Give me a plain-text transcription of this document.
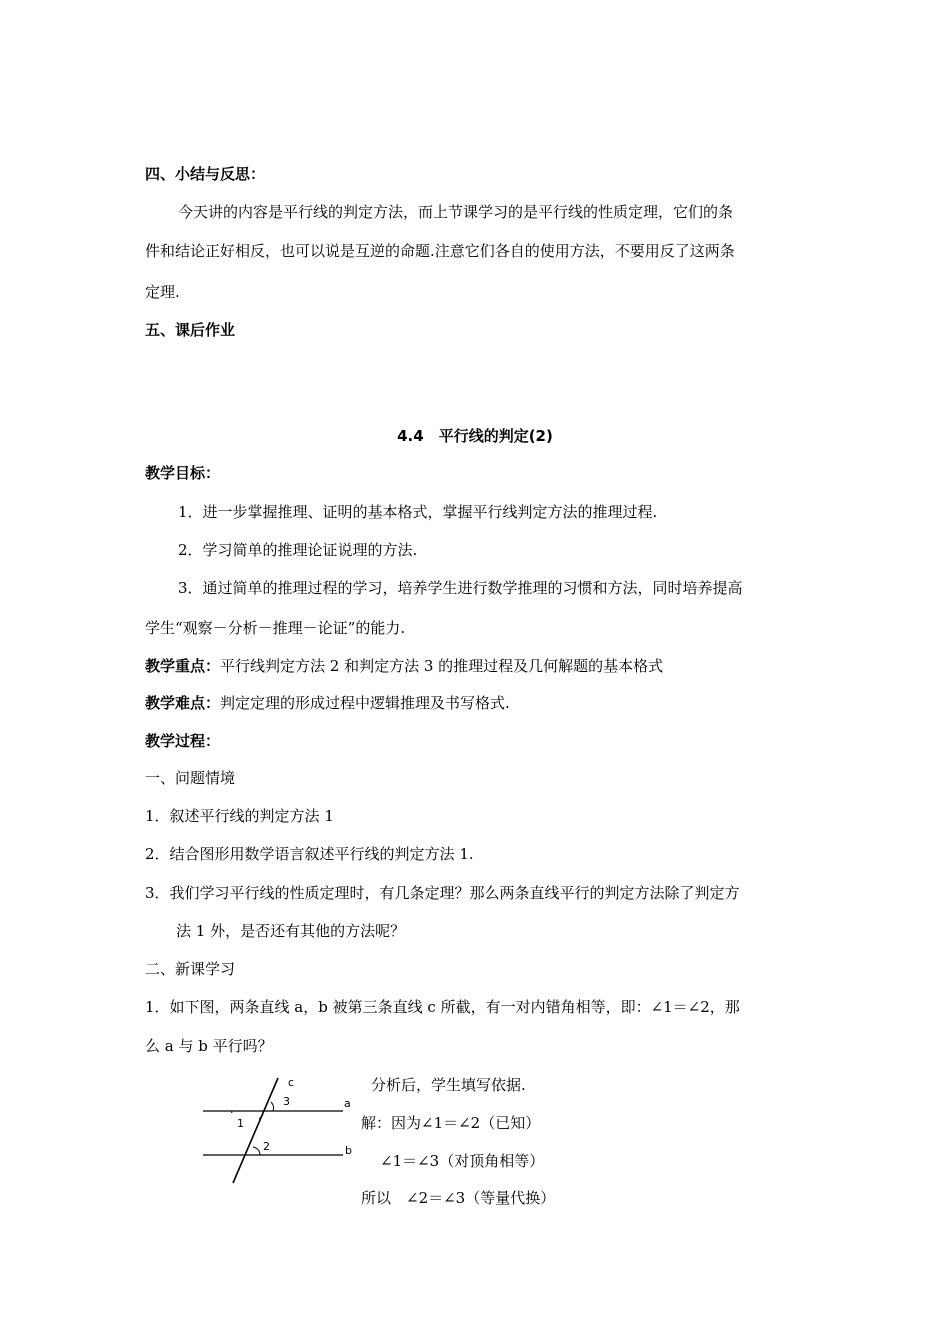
四、小结与反思：
今天讲的内容是平行线的判定方法，而上节课学习的是平行线的性质定理，它们的条
件和结论正好相反，也可以说是互逆的命题.注意它们各自的使用方法，不要用反了这两条
定理.
五、课后作业
4.4　平行线的判定(2)
教学目标：
1．进一步掌握推理、证明的基本格式，掌握平行线判定方法的推理过程.
2．学习简单的推理论证说理的方法.
3．通过简单的推理过程的学习，培养学生进行数学推理的习惯和方法，同时培养提高
学生“观察－分析－推理－论证”的能力.
教学重点：平行线判定方法 2 和判定方法 3 的推理过程及几何解题的基本格式
教学难点：判定定理的形成过程中逻辑推理及书写格式.
教学过程：
一、问题情境
1．叙述平行线的判定方法 1
2．结合图形用数学语言叙述平行线的判定方法 1.
3．我们学习平行线的性质定理时，有几条定理？那么两条直线平行的判定方法除了判定方
法 1 外，是否还有其他的方法呢？
二、新课学习
1．如下图，两条直线 a，b 被第三条直线 c 所截，有一对内错角相等，即：∠1＝∠2，那
么 a 与 b 平行吗？
c
3	a
·
1
2	b
分析后，学生填写依据.
解：因为∠1＝∠2（已知）
∠1＝∠3（对顶角相等）
所以　∠2＝∠3（等量代换）
